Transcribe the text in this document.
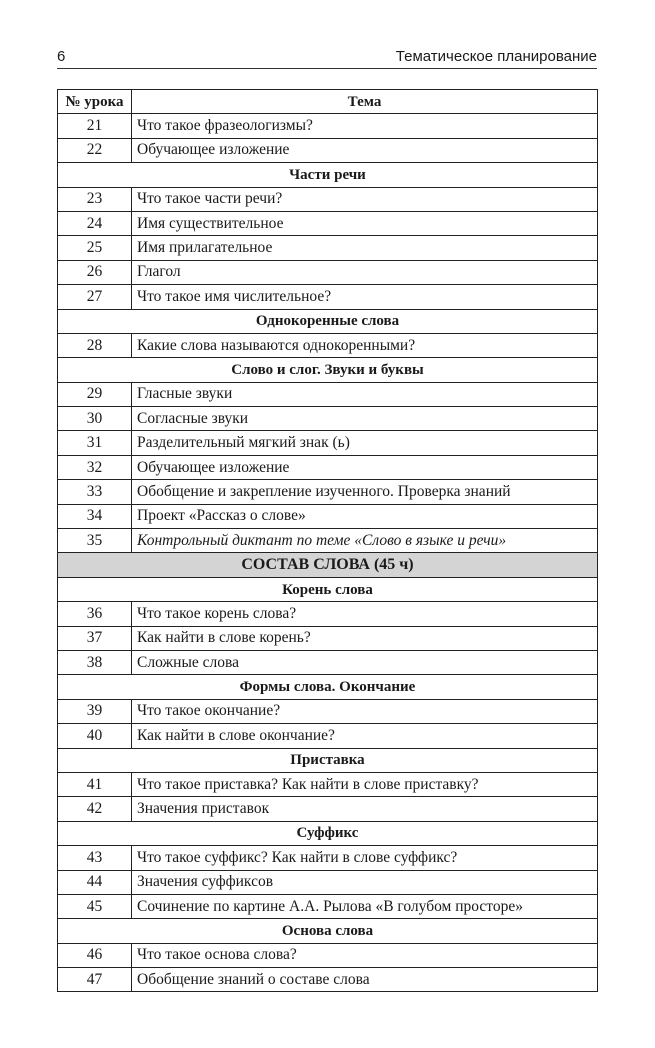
6	Тематическое планирование
№ урока	Тема
21	Что такое фразеологизмы?
22	Обучающее изложение
Части речи	
23	Что такое части речи?
24	Имя существительное
25	Имя прилагательное
26	Глагол
27	Что такое имя числительное?
Однокоренные слова	
28	Какие слова называются однокоренными?
Слово и слог. Звуки и буквы	
29	Гласные звуки
30	Согласные звуки
31	Разделительный мягкий знак (ь)
32	Обучающее изложение
33	Обобщение и закрепление изученного. Проверка знаний
34	Проект «Рассказ о слове»
35	Контрольный диктант по теме «Слово в языке и речи»
СОСТАВ СЛОВА (45 ч)	
Корень слова	
36	Что такое корень слова?
37	Как найти в слове корень?
38	Сложные слова
Формы слова. Окончание	
39	Что такое окончание?
40	Как найти в слове окончание?
Приставка	
41	Что такое приставка? Как найти в слове приставку?
42	Значения приставок
Суффикс	
43	Что такое суффикс? Как найти в слове суффикс?
44	Значения суффиксов
45	Сочинение по картине А.А. Рылова «В голубом просторе»
Основа слова	
46	Что такое основа слова?
47	Обобщение знаний о составе слова
